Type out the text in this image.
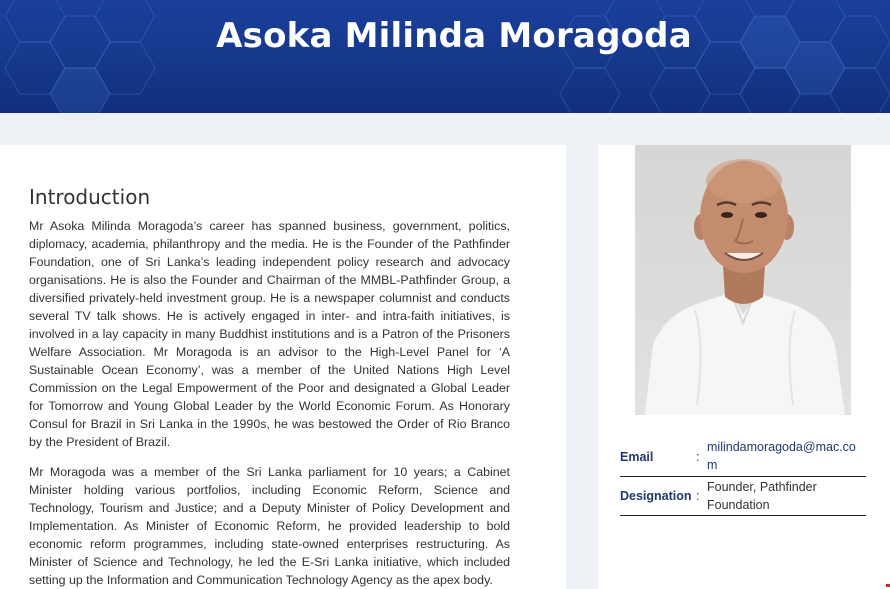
Asoka Milinda Moragoda
Introduction

Mr Asoka Milinda Moragoda’s career has spanned business, government, politics, diplomacy, academia, philanthropy and the media. He is the Founder of the Pathfinder Foundation, one of Sri Lanka’s leading independent policy research and advocacy organisations. He is also the Founder and Chairman of the MMBL-Pathfinder Group, a diversified privately-held investment group. He is a newspaper columnist and conducts several TV talk shows. He is actively engaged in inter- and intra-faith initiatives, is involved in a lay capacity in many Buddhist institutions and is a Patron of the Prisoners Welfare Association. Mr Moragoda is an advisor to the High-Level Panel for ‘A Sustainable Ocean Economy’, was a member of the United Nations High Level Commission on the Legal Empowerment of the Poor and designated a Global Leader for Tomorrow and Young Global Leader by the World Economic Forum. As Honorary Consul for Brazil in Sri Lanka in the 1990s, he was bestowed the Order of Rio Branco by the President of Brazil.

Mr Moragoda was a member of the Sri Lanka parliament for 10 years; a Cabinet Minister holding various portfolios, including Economic Reform, Science and Technology, Tourism and Justice; and a Deputy Minister of Policy Development and Implementation. As Minister of Economic Reform, he provided leadership to bold economic reform programmes, including state-owned enterprises restructuring. As Minister of Science and Technology, he led the E-Sri Lanka initiative, which included setting up the Information and Communication Technology Agency as the apex body.

Email	:
milindamoragoda@mac.com
Designation :
Founder, Pathfinder Foundation
